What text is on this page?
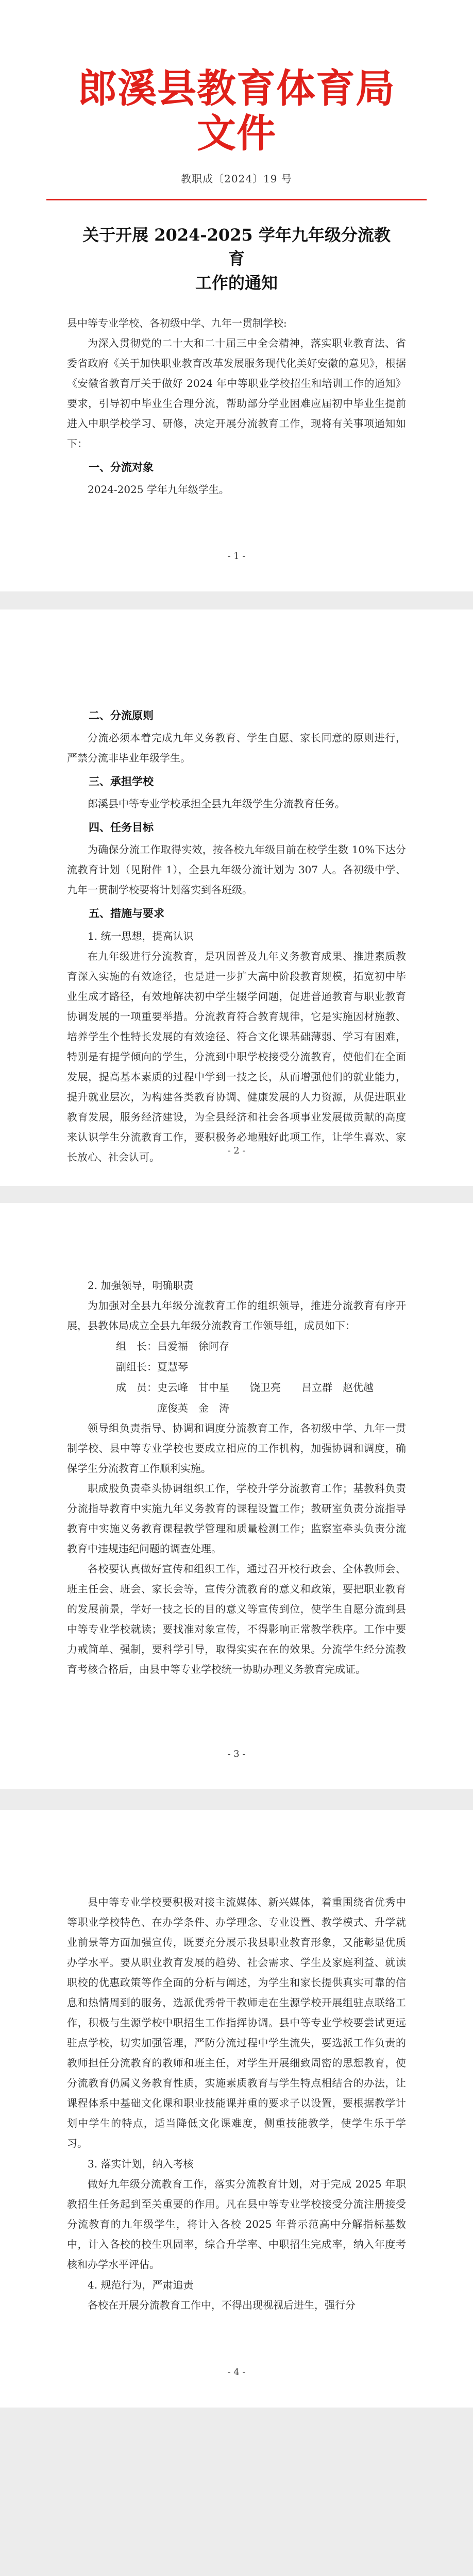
郎溪县教育体育局文件
教职成〔2024〕19 号
关于开展 2024-2025 学年九年级分流教育
工作的通知

县中等专业学校、各初级中学、九年一贯制学校:

为深入贯彻党的二十大和二十届三中全会精神，落实职业教育法、省委省政府《关于加快职业教育改革发展服务现代化美好安徽的意见》，根据《安徽省教育厅关于做好 2024 年中等职业学校招生和培训工作的通知》要求，引导初中毕业生合理分流，帮助部分学业困难应届初中毕业生提前进入中职学校学习、研修，决定开展分流教育工作，现将有关事项通知如下：

一、分流对象

2024-2025 学年九年级学生。

- 1 -
二、分流原则

分流必须本着完成九年义务教育、学生自愿、家长同意的原则进行，严禁分流非毕业年级学生。

三、承担学校

郎溪县中等专业学校承担全县九年级学生分流教育任务。

四、任务目标

为确保分流工作取得实效，按各校九年级目前在校学生数 10%下达分流教育计划（见附件 1），全县九年级分流计划为 307 人。各初级中学、九年一贯制学校要将计划落实到各班级。

五、措施与要求
1. 统一思想，提高认识

在九年级进行分流教育，是巩固普及九年义务教育成果、推进素质教育深入实施的有效途径，也是进一步扩大高中阶段教育规模，拓宽初中毕业生成才路径，有效地解决初中学生辍学问题，促进普通教育与职业教育协调发展的一项重要举措。分流教育符合教育规律，它是实施因材施教、培养学生个性特长发展的有效途径、符合文化课基础薄弱、学习有困难，特别是有提学倾向的学生，分流到中职学校接受分流教育，使他们在全面发展，提高基本素质的过程中学到一技之长，从而增强他们的就业能力，提升就业层次，为构建各类教育协调、健康发展的人力资源，从促进职业教育发展，服务经济建设，为全县经济和社会各项事业发展做贡献的高度来认识学生分流教育工作，要积极务必地融好此项工作，让学生喜欢、家长放心、社会认可。

- 2 -
2. 加强领导，明确职责

为加强对全县九年级分流教育工作的组织领导，推进分流教育有序开展，县教体局成立全县九年级分流教育工作领导组，成员如下：

组　长：吕爱福　徐阿存
副组长：夏慧琴
成　员：史云峰　甘中星　　饶卫亮　　吕立群　赵优越
　　　　庞俊英　金　涛

领导组负责指导、协调和调度分流教育工作，各初级中学、九年一贯制学校、县中等专业学校也要成立相应的工作机构，加强协调和调度，确保学生分流教育工作顺利实施。

职成股负责牵头协调组织工作，学校升学分流教育工作；基教科负责分流指导教育中实施九年义务教育的课程设置工作；教研室负责分流指导教育中实施义务教育课程教学管理和质量检测工作；监察室牵头负责分流教育中违规违纪问题的调查处理。

各校要认真做好宣传和组织工作，通过召开校行政会、全体教师会、班主任会、班会、家长会等，宣传分流教育的意义和政策，要把职业教育的发展前景，学好一技之长的目的意义等宣传到位，使学生自愿分流到县中等专业学校就读；要找准对象宣传，不得影响正常教学秩序。工作中要力戒简单、强制，要科学引导，取得实实在在的效果。分流学生经分流教育考核合格后，由县中等专业学校统一协助办理义务教育完成证。

- 3 -

县中等专业学校要积极对接主流媒体、新兴媒体，着重围绕省优秀中等职业学校特色、在办学条件、办学理念、专业设置、教学模式、升学就业前景等方面加强宣传，既要充分展示我县职业教育形象，又能彰显优质办学水平。要从职业教育发展的趋势、社会需求、学生及家庭利益、就读职校的优惠政策等作全面的分析与阐述，为学生和家长提供真实可靠的信息和热情周到的服务，选派优秀骨干教师走在生源学校开展组驻点联络工作，积极与生源学校中职招生工作指挥协调。县中等专业学校要尝试更远驻点学校，切实加强管理，严防分流过程中学生流失，要选派工作负责的教师担任分流教育的教师和班主任，对学生开展细致周密的思想教育，使分流教育仍属义务教育性质，实施素质教育与学生特点相结合的办法，让课程体系中基础文化课和职业技能课并重的要求子以设置，要根据教学计划中学生的特点，适当降低文化课难度，侧重技能教学，使学生乐于学习。

3. 落实计划，纳入考核

做好九年级分流教育工作，落实分流教育计划，对于完成 2025 年职教招生任务起到至关重要的作用。凡在县中等专业学校接受分流注册接受分流教育的九年级学生，将计入各校 2025 年普示范高中分解指标基数中，计入各校的校生巩固率，综合升学率、中职招生完成率，纳入年度考核和办学水平评估。

4. 规范行为，严肃追责

各校在开展分流教育工作中，不得出现视视后进生，强行分

- 4 -
